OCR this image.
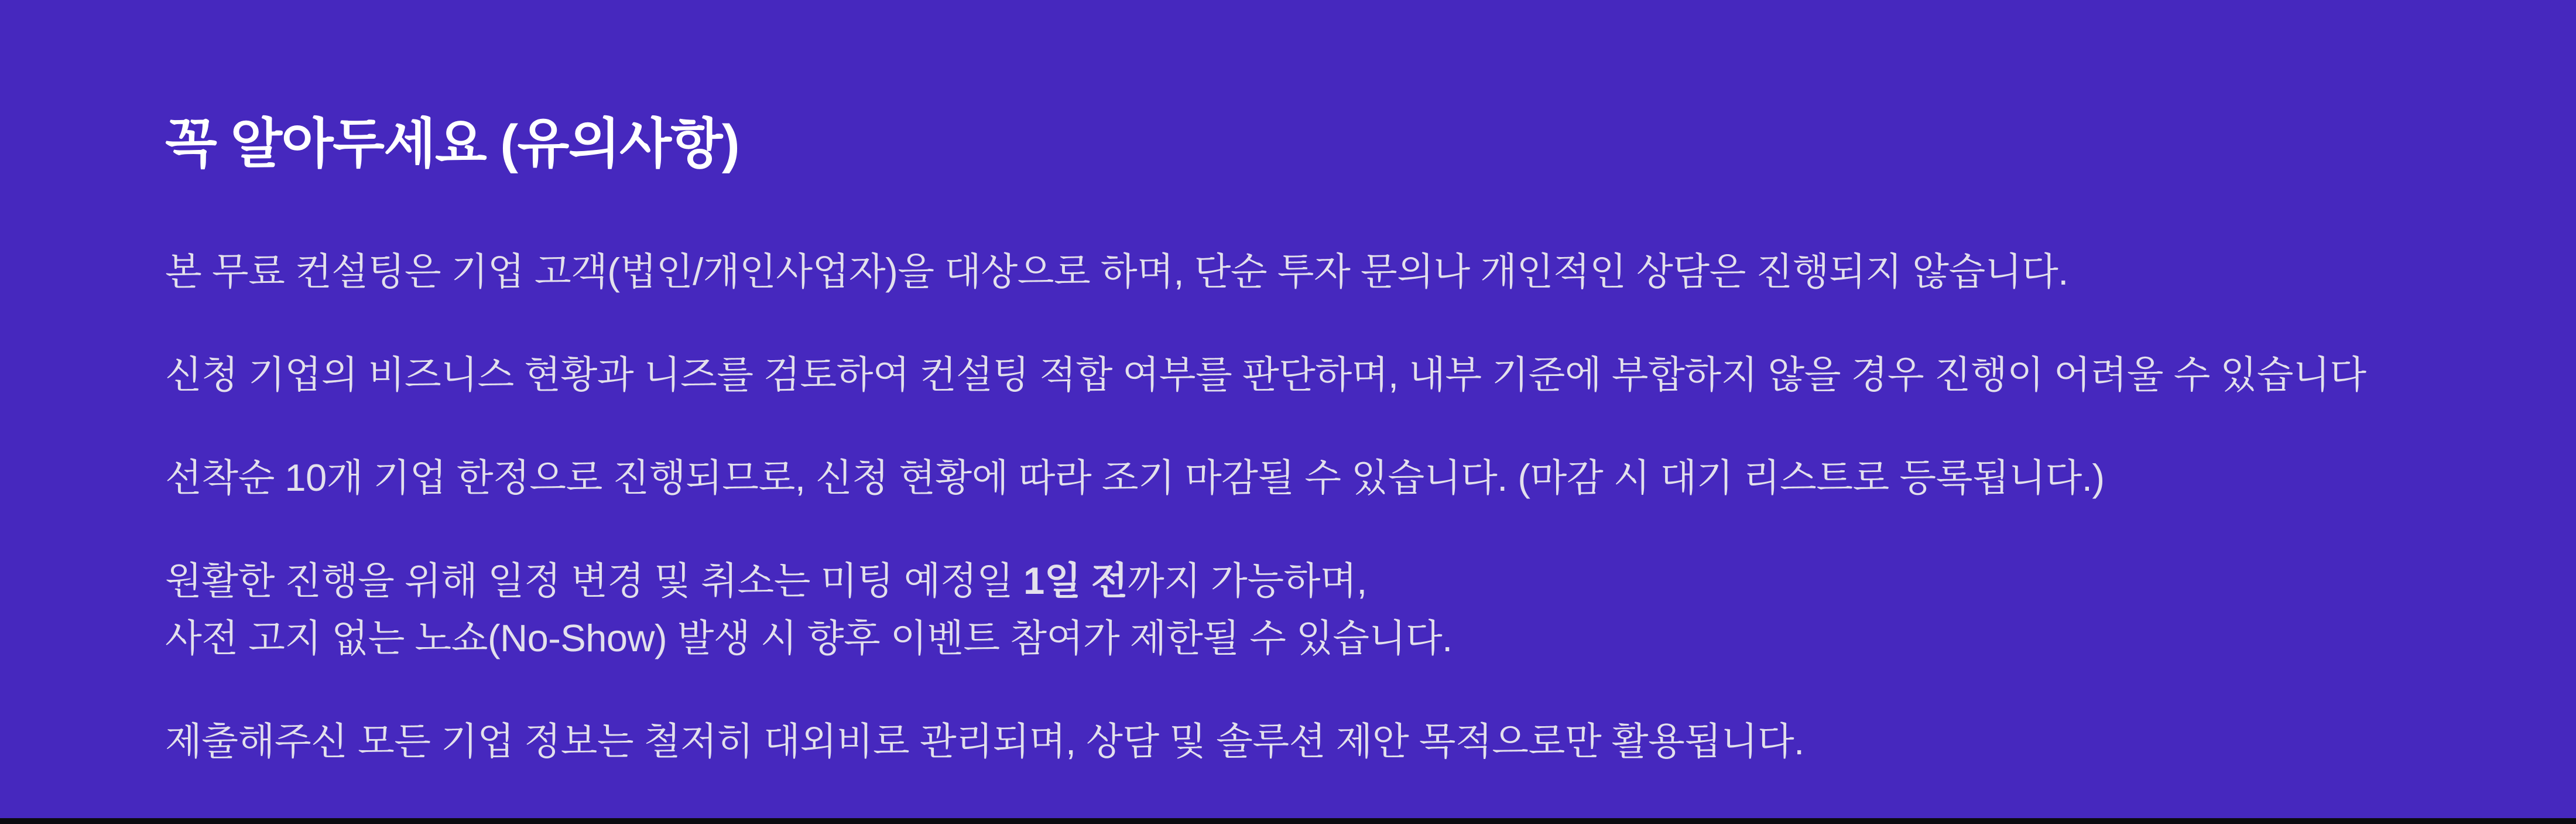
꼭 알아두세요 (유의사항)

본 무료 컨설팅은 기업 고객(법인/개인사업자)을 대상으로 하며, 단순 투자 문의나 개인적인 상담은 진행되지 않습니다.

신청 기업의 비즈니스 현황과 니즈를 검토하여 컨설팅 적합 여부를 판단하며, 내부 기준에 부합하지 않을 경우 진행이 어려울 수 있습니다

선착순 10개 기업 한정으로 진행되므로, 신청 현황에 따라 조기 마감될 수 있습니다. (마감 시 대기 리스트로 등록됩니다.)

원활한 진행을 위해 일정 변경 및 취소는 미팅 예정일 1일 전까지 가능하며,
사전 고지 없는 노쇼(No-Show) 발생 시 향후 이벤트 참여가 제한될 수 있습니다.

제출해주신 모든 기업 정보는 철저히 대외비로 관리되며, 상담 및 솔루션 제안 목적으로만 활용됩니다.
